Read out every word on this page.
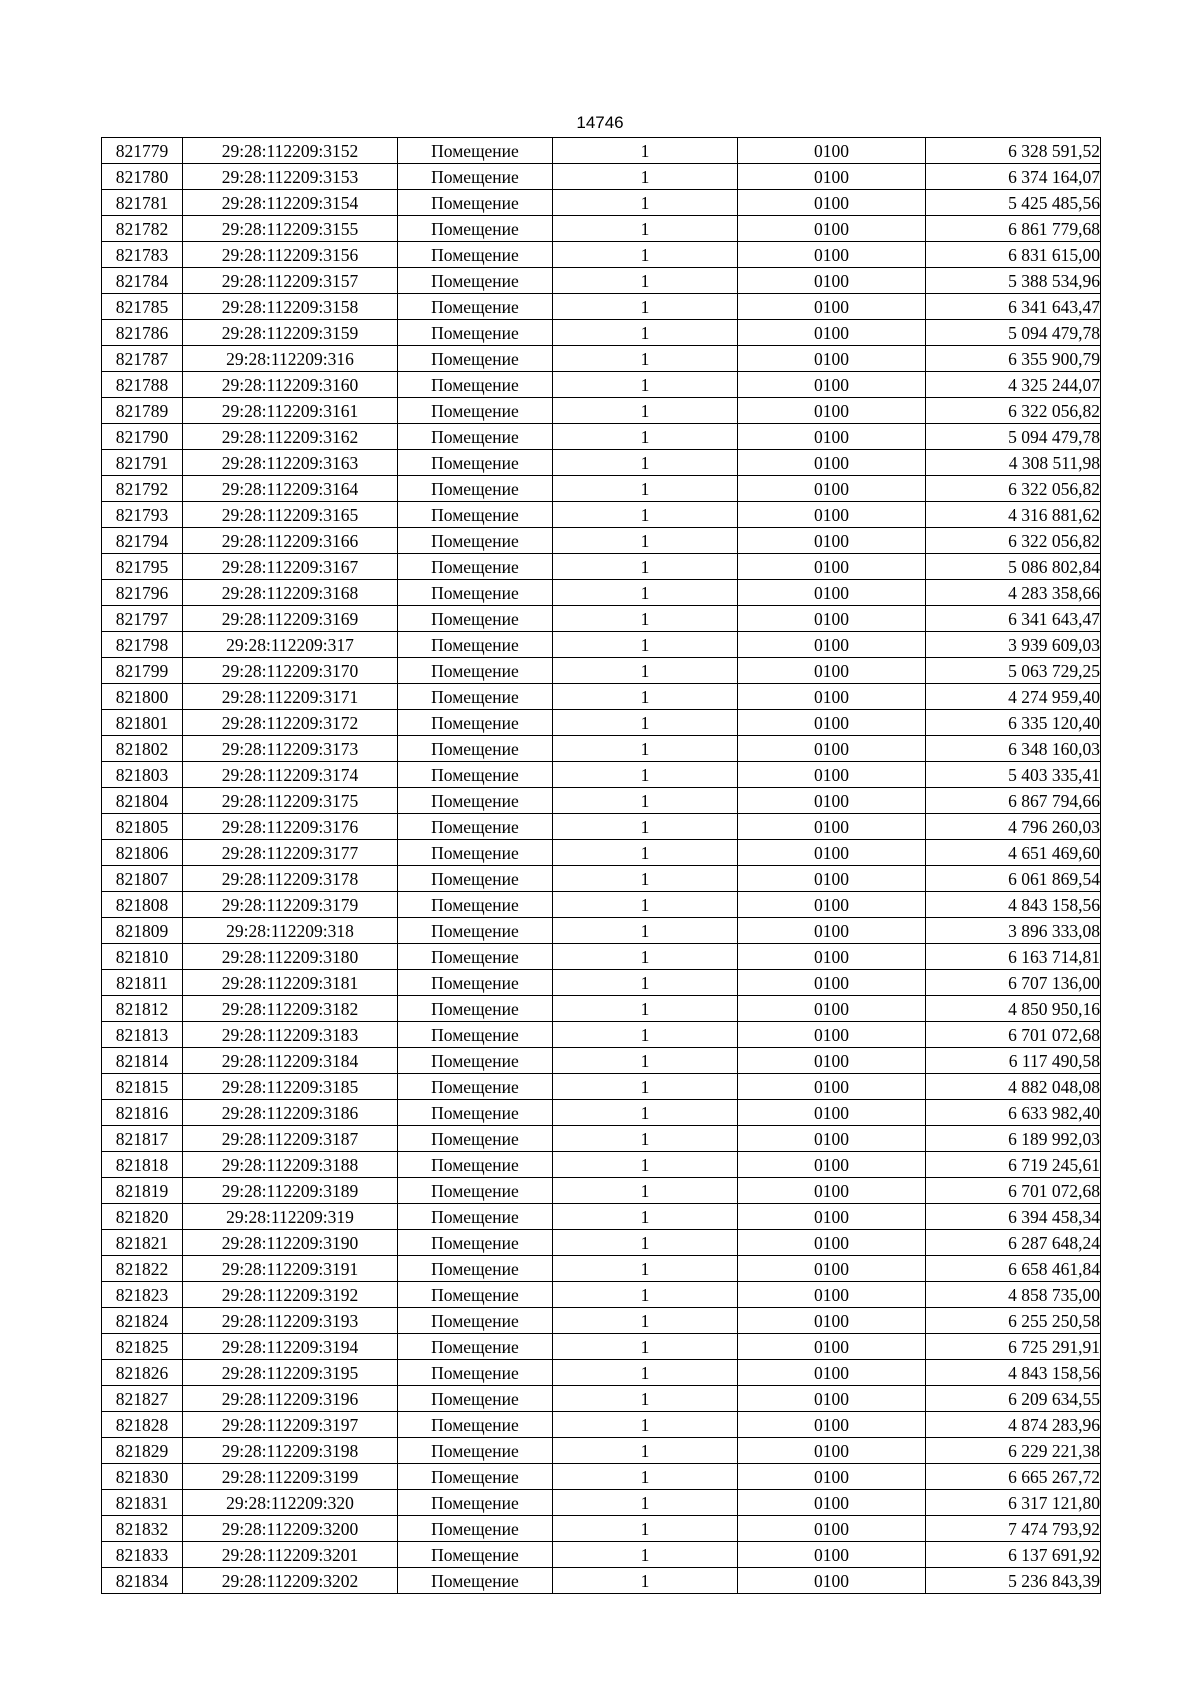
14746
821779	29:28:112209:3152	Помещение	1	0100	6 328 591,52
821780	29:28:112209:3153	Помещение	1	0100	6 374 164,07
821781	29:28:112209:3154	Помещение	1	0100	5 425 485,56
821782	29:28:112209:3155	Помещение	1	0100	6 861 779,68
821783	29:28:112209:3156	Помещение	1	0100	6 831 615,00
821784	29:28:112209:3157	Помещение	1	0100	5 388 534,96
821785	29:28:112209:3158	Помещение	1	0100	6 341 643,47
821786	29:28:112209:3159	Помещение	1	0100	5 094 479,78
821787	29:28:112209:316	Помещение	1	0100	6 355 900,79
821788	29:28:112209:3160	Помещение	1	0100	4 325 244,07
821789	29:28:112209:3161	Помещение	1	0100	6 322 056,82
821790	29:28:112209:3162	Помещение	1	0100	5 094 479,78
821791	29:28:112209:3163	Помещение	1	0100	4 308 511,98
821792	29:28:112209:3164	Помещение	1	0100	6 322 056,82
821793	29:28:112209:3165	Помещение	1	0100	4 316 881,62
821794	29:28:112209:3166	Помещение	1	0100	6 322 056,82
821795	29:28:112209:3167	Помещение	1	0100	5 086 802,84
821796	29:28:112209:3168	Помещение	1	0100	4 283 358,66
821797	29:28:112209:3169	Помещение	1	0100	6 341 643,47
821798	29:28:112209:317	Помещение	1	0100	3 939 609,03
821799	29:28:112209:3170	Помещение	1	0100	5 063 729,25
821800	29:28:112209:3171	Помещение	1	0100	4 274 959,40
821801	29:28:112209:3172	Помещение	1	0100	6 335 120,40
821802	29:28:112209:3173	Помещение	1	0100	6 348 160,03
821803	29:28:112209:3174	Помещение	1	0100	5 403 335,41
821804	29:28:112209:3175	Помещение	1	0100	6 867 794,66
821805	29:28:112209:3176	Помещение	1	0100	4 796 260,03
821806	29:28:112209:3177	Помещение	1	0100	4 651 469,60
821807	29:28:112209:3178	Помещение	1	0100	6 061 869,54
821808	29:28:112209:3179	Помещение	1	0100	4 843 158,56
821809	29:28:112209:318	Помещение	1	0100	3 896 333,08
821810	29:28:112209:3180	Помещение	1	0100	6 163 714,81
821811	29:28:112209:3181	Помещение	1	0100	6 707 136,00
821812	29:28:112209:3182	Помещение	1	0100	4 850 950,16
821813	29:28:112209:3183	Помещение	1	0100	6 701 072,68
821814	29:28:112209:3184	Помещение	1	0100	6 117 490,58
821815	29:28:112209:3185	Помещение	1	0100	4 882 048,08
821816	29:28:112209:3186	Помещение	1	0100	6 633 982,40
821817	29:28:112209:3187	Помещение	1	0100	6 189 992,03
821818	29:28:112209:3188	Помещение	1	0100	6 719 245,61
821819	29:28:112209:3189	Помещение	1	0100	6 701 072,68
821820	29:28:112209:319	Помещение	1	0100	6 394 458,34
821821	29:28:112209:3190	Помещение	1	0100	6 287 648,24
821822	29:28:112209:3191	Помещение	1	0100	6 658 461,84
821823	29:28:112209:3192	Помещение	1	0100	4 858 735,00
821824	29:28:112209:3193	Помещение	1	0100	6 255 250,58
821825	29:28:112209:3194	Помещение	1	0100	6 725 291,91
821826	29:28:112209:3195	Помещение	1	0100	4 843 158,56
821827	29:28:112209:3196	Помещение	1	0100	6 209 634,55
821828	29:28:112209:3197	Помещение	1	0100	4 874 283,96
821829	29:28:112209:3198	Помещение	1	0100	6 229 221,38
821830	29:28:112209:3199	Помещение	1	0100	6 665 267,72
821831	29:28:112209:320	Помещение	1	0100	6 317 121,80
821832	29:28:112209:3200	Помещение	1	0100	7 474 793,92
821833	29:28:112209:3201	Помещение	1	0100	6 137 691,92
821834	29:28:112209:3202	Помещение	1	0100	5 236 843,39
